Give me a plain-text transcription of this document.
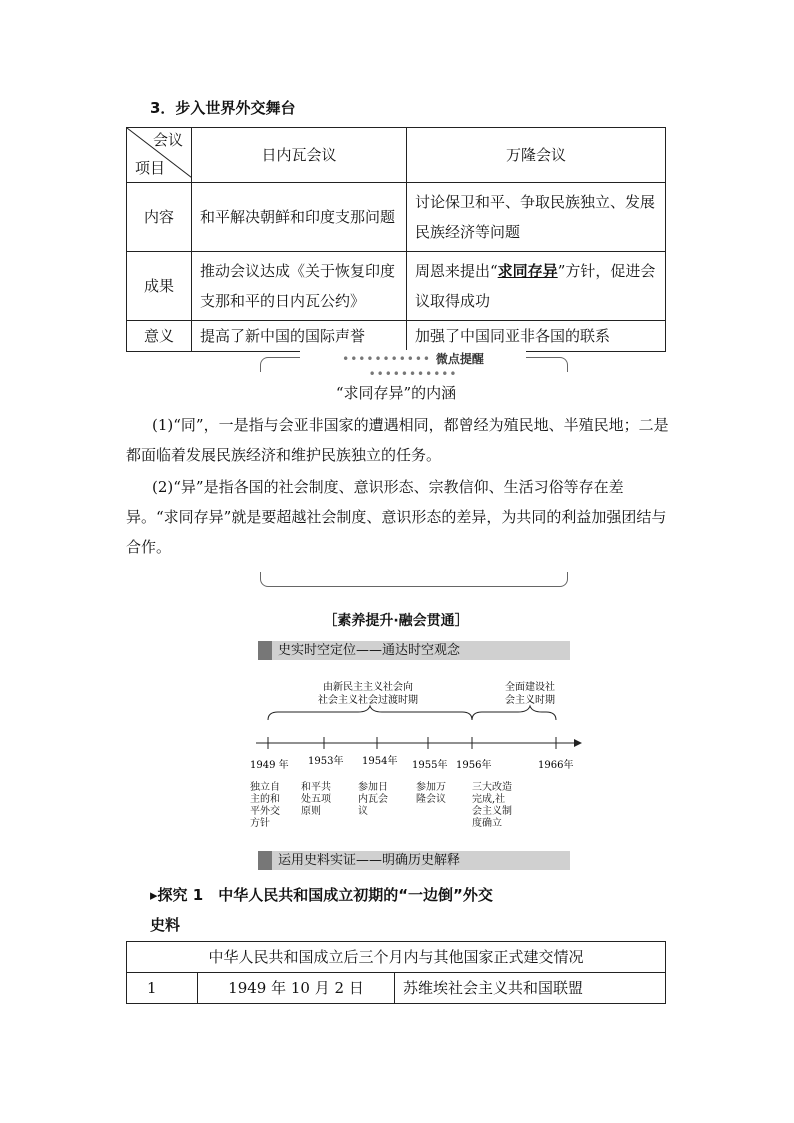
3．步入世界外交舞台
会议
项目	日内瓦会议	万隆会议
内容	和平解决朝鲜和印度支那问题	讨论保卫和平、争取民族独立、发展民族经济等问题
成果	推动会议达成《关于恢复印度支那和平的日内瓦公约》	周恩来提出“求同存异”方针，促进会议取得成功
意义	提高了新中国的国际声誉	加强了中国同亚非各国的联系
••••••••••• 微点提醒 •••••••••••
“求同存异”的内涵
(1)“同”，一是指与会亚非国家的遭遇相同，都曾经为殖民地、半殖民地；二是都面临着发展民族经济和维护民族独立的任务。
(2)“异”是指各国的社会制度、意识形态、宗教信仰、生活习俗等存在差异。“求同存异”就是要超越社会制度、意识形态的差异，为共同的利益加强团结与合作。
［素养提升·融会贯通］
史实时空定位——通达时空观念
由新民主主义社会向
社会主义社会过渡时期
全面建设社
会主义时期
1949 年 1953年 1954年 1955年 1956年	1966年
独立自
主的和
平外交
方针
和平共
处五项
原则
参加日
内瓦会
议
参加万
隆会议
三大改造
完成,社
会主义制
度确立
运用史料实证——明确历史解释
▸探究 1　中华人民共和国成立初期的“一边倒”外交
史料
中华人民共和国成立后三个月内与其他国家正式建交情况
1	1949 年 10 月 2 日	苏维埃社会主义共和国联盟
